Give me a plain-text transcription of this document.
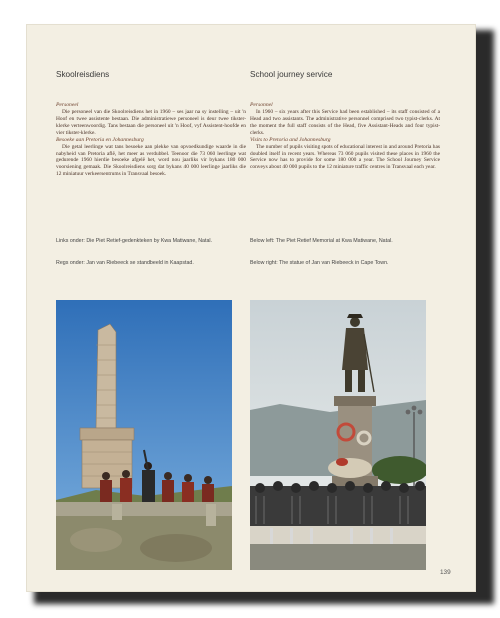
Skoolreisdiens
Personeel
Die personeel van die Skoolreisdiens het in 1960 – ses jaar na sy instelling – uit 'n Hoof en twee assistente bestaan. Die administratiewe personeel is deur twee tikster-klerke verteenwoordig. Tans bestaan die personeel uit 'n Hoof, vyf Assistent-hoofde en vier tikster-klerke.
Besoeke aan Pretoria en Johannesburg
Die getal leerlinge wat tans besoeke aan plekke van opvoedkundige waarde in die nabyheid van Pretoria aflê, het meer as verdubbel. Teenoor die 73 060 leerlinge wat gedurende 1960 hierdie besoeke afgelê het, word nou jaarliks vir bykans 180 000 voorsiening gemaak. Die Skoolreisdiens sorg dat bykans 40 000 leerlinge jaarliks die 12 miniatuur verkeersentrums in Transvaal besoek.
School journey service
Personnel
In 1960 – six years after this Service had been established – its staff consisted of a Head and two assistants. The administrative personnel comprised two typist-clerks. At the moment the full staff consists of the Head, five Assistant-Heads and four typist-clerks.
Visits to Pretoria and Johannesburg
The number of pupils visiting spots of educational interest in and around Pretoria has doubled itself in recent years. Whereas 73 060 pupils visited these places in 1960 the Service now has to provide for some 180 000 a year. The School Journey Service conveys about 40 000 pupils to the 12 miniature traffic centres in Transvaal each year.
Links onder: Die Piet Retief-gedenkteken by Kwa Matiwane, Natal.
Regs onder: Jan van Riebeeck se standbeeld in Kaapstad.
Below left: The Piet Retief Memorial at Kwa Matiwane, Natal.
Below right: The statue of Jan van Riebeeck in Cape Town.
139
